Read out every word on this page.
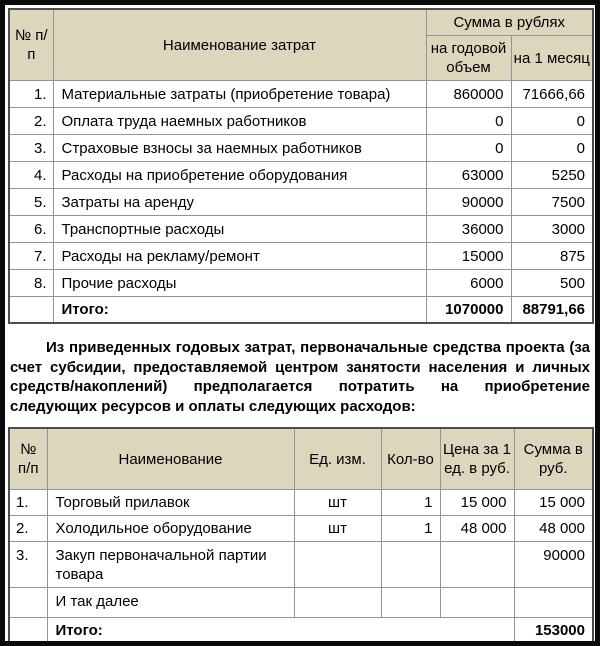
№ п/п	Наименование затрат	Сумма в рублях	
		на годовой объем	на 1 месяц
1.	Материальные затраты (приобретение товара)	860000	71666,66
2.	Оплата труда наемных работников	0	0
3.	Страховые взносы за наемных работников	0	0
4.	Расходы на приобретение оборудования	63000	5250
5.	Затраты на аренду	90000	7500
6.	Транспортные расходы	36000	3000
7.	Расходы на рекламу/ремонт	15000	875
8.	Прочие расходы	6000	500
	Итого:	1070000	88791,66

Из приведенных годовых затрат, первоначальные средства проекта (за счет субсидии, предоставляемой центром занятости населения и личных средств/накоплений) предполагается потратить на приобретение следующих ресурсов и оплаты следующих расходов:

№ п/п	Наименование	Ед. изм.	Кол-во	Цена за 1 ед. в руб.	Сумма в руб.
1.	Торговый прилавок	шт	1	15 000	15 000
2.	Холодильное оборудование	шт	1	48 000	48 000
3.	Закуп первоначальной партии товара				90000
	И так далее				
	Итого:				153000
